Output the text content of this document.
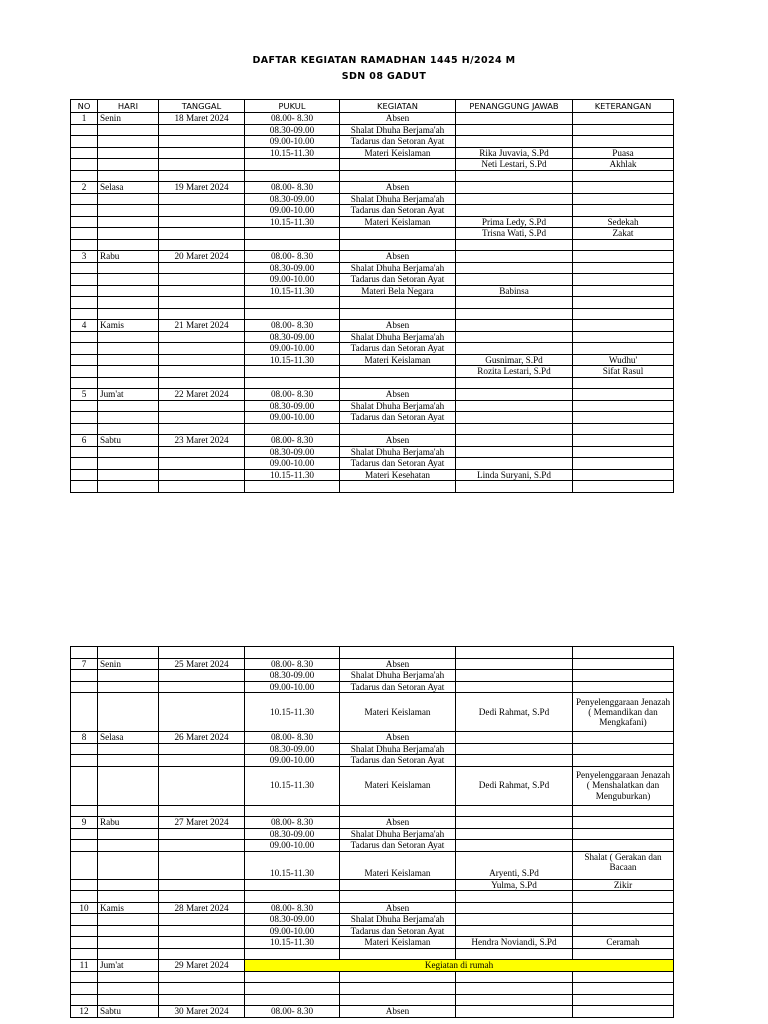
DAFTAR KEGIATAN RAMADHAN 1445 H/2024 M
SDN 08 GADUT
NO	HARI	TANGGAL	PUKUL	KEGIATAN	PENANGGUNG JAWAB	KETERANGAN
1	Senin	18 Maret 2024	08.00- 8.30	Absen		
			08.30-09.00	Shalat Dhuha Berjama'ah		
			09.00-10.00	Tadarus dan Setoran Ayat		
			10.15-11.30	Materi Keislaman	Rika Juvavia, S.Pd	Puasa
					Neti Lestari, S.Pd	Akhlak

2	Selasa	19 Maret 2024	08.00- 8.30	Absen		
			08.30-09.00	Shalat Dhuha Berjama'ah		
			09.00-10.00	Tadarus dan Setoran Ayat		
			10.15-11.30	Materi Keislaman	Prima Ledy, S.Pd	Sedekah
					Trisna Wati, S.Pd	Zakat

3	Rabu	20 Maret 2024	08.00- 8.30	Absen		
			08.30-09.00	Shalat Dhuha Berjama'ah		
			09.00-10.00	Tadarus dan Setoran Ayat		
			10.15-11.30	Materi Bela Negara	Babinsa	

4	Kamis	21 Maret 2024	08.00- 8.30	Absen		
			08.30-09.00	Shalat Dhuha Berjama'ah		
			09.00-10.00	Tadarus dan Setoran Ayat		
			10.15-11.30	Materi Keislaman	Gusnimar, S.Pd	Wudhu'
					Rozita Lestari, S.Pd	Sifat Rasul

5	Jum'at	22 Maret 2024	08.00- 8.30	Absen		
			08.30-09.00	Shalat Dhuha Berjama'ah		
			09.00-10.00	Tadarus dan Setoran Ayat		

6	Sabtu	23 Maret 2024	08.00- 8.30	Absen		
			08.30-09.00	Shalat Dhuha Berjama'ah		
			09.00-10.00	Tadarus dan Setoran Ayat		
			10.15-11.30	Materi Kesehatan	Linda Suryani, S.Pd	

7	Senin	25 Maret 2024	08.00- 8.30	Absen		
			08.30-09.00	Shalat Dhuha Berjama'ah		
			09.00-10.00	Tadarus dan Setoran Ayat		
			10.15-11.30	Materi Keislaman	Dedi Rahmat, S.Pd	Penyelenggaraan Jenazah ( Memandikan dan Mengkafani)
8	Selasa	26 Maret 2024	08.00- 8.30	Absen		
			08.30-09.00	Shalat Dhuha Berjama'ah		
			09.00-10.00	Tadarus dan Setoran Ayat		
			10.15-11.30	Materi Keislaman	Dedi Rahmat, S.Pd	Penyelenggaraan Jenazah ( Menshalatkan dan Menguburkan)

9	Rabu	27 Maret 2024	08.00- 8.30	Absen		
			08.30-09.00	Shalat Dhuha Berjama'ah		
			09.00-10.00	Tadarus dan Setoran Ayat		
			10.15-11.30	Materi Keislaman	Aryenti, S.Pd	Shalat ( Gerakan dan Bacaan
					Yulma, S.Pd	Zikir

10	Kamis	28 Maret 2024	08.00- 8.30	Absen		
			08.30-09.00	Shalat Dhuha Berjama'ah		
			09.00-10.00	Tadarus dan Setoran Ayat		
			10.15-11.30	Materi Keislaman	Hendra Noviandi, S.Pd	Ceramah

11	Jum'at	29 Maret 2024	Kegiatan di rumah			

12	Sabtu	30 Maret 2024	08.00- 8.30	Absen		
